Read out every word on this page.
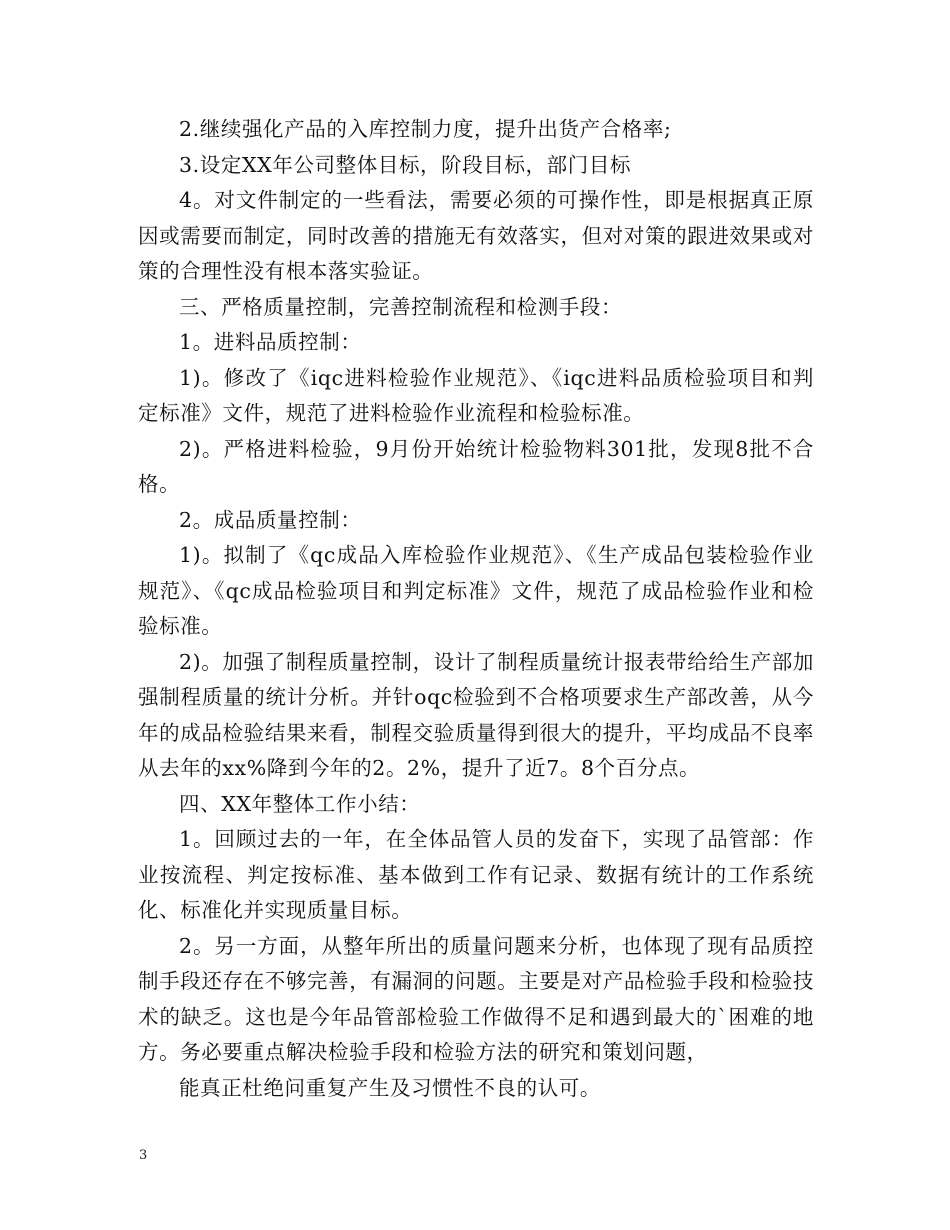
2.继续强化产品的入库控制力度，提升出货产合格率;

3.设定XX年公司整体目标，阶段目标，部门目标

4。对文件制定的一些看法，需要必须的可操作性，即是根据真正原因或需要而制定，同时改善的措施无有效落实，但对对策的跟进效果或对策的合理性没有根本落实验证。

三、严格质量控制，完善控制流程和检测手段：

1。进料品质控制：

1)。修改了《iqc进料检验作业规范》、《iqc进料品质检验项目和判定标准》文件，规范了进料检验作业流程和检验标准。

2)。严格进料检验，9月份开始统计检验物料301批，发现8批不合格。

2。成品质量控制：

1)。拟制了《qc成品入库检验作业规范》、《生产成品包装检验作业规范》、《qc成品检验项目和判定标准》文件，规范了成品检验作业和检验标准。

2)。加强了制程质量控制，设计了制程质量统计报表带给给生产部加强制程质量的统计分析。并针oqc检验到不合格项要求生产部改善，从今年的成品检验结果来看，制程交验质量得到很大的提升，平均成品不良率从去年的xx%降到今年的2。2%，提升了近7。8个百分点。

四、XX年整体工作小结：

1。回顾过去的一年，在全体品管人员的发奋下，实现了品管部：作业按流程、判定按标准、基本做到工作有记录、数据有统计的工作系统化、标准化并实现质量目标。

2。另一方面，从整年所出的质量问题来分析，也体现了现有品质控制手段还存在不够完善，有漏洞的问题。主要是对产品检验手段和检验技术的缺乏。这也是今年品管部检验工作做得不足和遇到最大的`困难的地方。务必要重点解决检验手段和检验方法的研究和策划问题，

能真正杜绝问重复产生及习惯性不良的认可。

3
